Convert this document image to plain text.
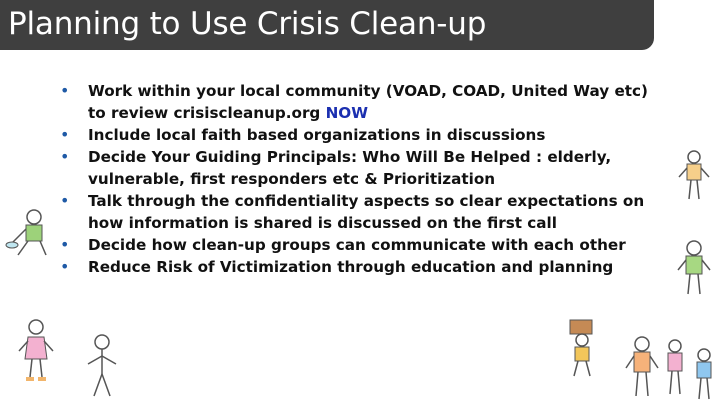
Planning to Use Crisis Clean-up
• Work within your local community (VOAD, COAD, United Way etc) to review crisiscleanup.org NOW
• Include local faith based organizations in discussions
• Decide Your Guiding Principals: Who Will Be Helped : elderly, vulnerable, first responders etc & Prioritization
• Talk through the confidentiality aspects so clear expectations on how information is shared is discussed on the first call
• Decide how clean-up groups can communicate with each other
• Reduce Risk of Victimization through education and planning
